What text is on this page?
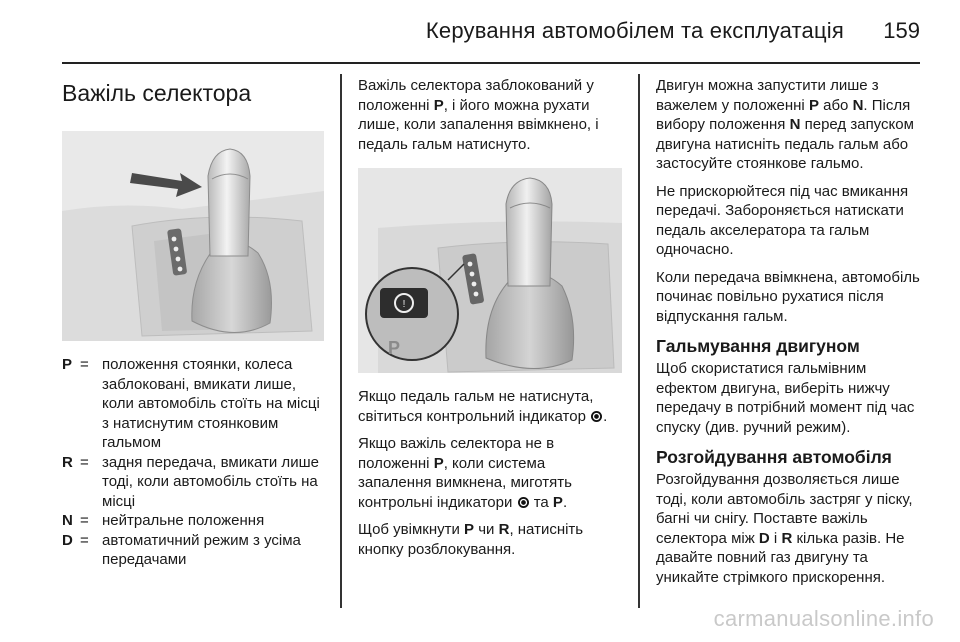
Керування автомобілем та експлуатація 159
Важіль селектора
P = положення стоянки, колеса заблоковані, вмикати лише, коли автомобіль стоїть на місці з натиснутим стоянковим гальмом
R = задня передача, вмикати лише тоді, коли автомобіль стоїть на місці
N = нейтральне положення
D = автоматичний режим з усіма передачами

Важіль селектора заблокований у положенні P, і його можна рухати лише, коли запалення ввімкнено, і педаль гальм натиснуто.

!
P

Якщо педаль гальм не натиснута, світиться контрольний індикатор .

Якщо важіль селектора не в положенні P, коли система запалення вимкнена, миготять контрольні індикатори  та P.

Щоб увімкнути P чи R, натисніть кнопку розблокування.

Двигун можна запустити лише з важелем у положенні P або N. Після вибору положення N перед запуском двигуна натисніть педаль гальм або застосуйте стоянкове гальмо.

Не прискорюйтеся під час вмикання передачі. Забороняється натискати педаль акселератора та гальм одночасно.

Коли передача ввімкнена, автомобіль починає повільно рухатися після відпускання гальм.

Гальмування двигуном

Щоб скористатися гальмівним ефектом двигуна, виберіть нижчу передачу в потрібний момент під час спуску (див. ручний режим).

Розгойдування автомобіля

Розгойдування дозволяється лише тоді, коли автомобіль застряг у піску, багні чи снігу. Поставте важіль селектора між D і R кілька разів. Не давайте повний газ двигуну та уникайте стрімкого прискорення.

carmanualsonline.info
